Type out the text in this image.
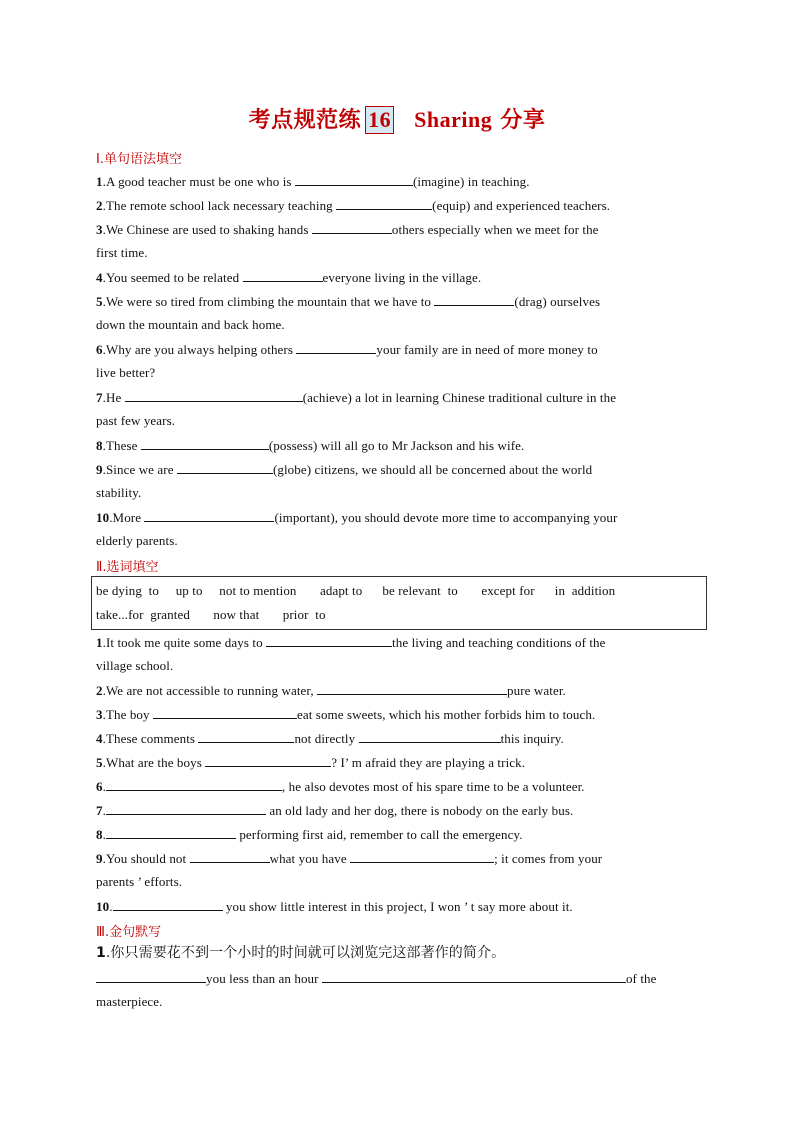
考点规范练 16 Sharing 分享
Ⅰ.单句语法填空
1.A good teacher must be one who is	(imagine) in teaching.
2.The remote school lack necessary teaching	(equip) and experienced teachers.
3.We Chinese are used to shaking hands	others especially when we meet for the
first time.
4.You seemed to be related	everyone living in the village.
5.We were so tired from climbing the mountain that we have to	(drag) ourselves
down the mountain and back home.
6.Why are you always helping others	your family are in need of more money to
live better?
7.He	(achieve) a lot in learning Chinese traditional culture in the
past few years.
8.These	(possess) will all go to Mr Jackson and his wife.
9.Since we are	(globe) citizens, we should all be concerned about the world
stability.
10.More	(important), you should devote more time to accompanying your
elderly parents.
Ⅱ.选词填空
be dying  to     up to     not to mention       adapt to      be relevant  to       except for      in  addition
take...for  granted       now that       prior  to
1.It took me quite some days to	the living and teaching conditions of the
village school.
2.We are not accessible to running water,	pure water.
3.The boy	eat some sweets, which his mother forbids him to touch.
4.These comments	not directly	this inquiry.
5.What are the boys	? I’ m afraid they are playing a trick.
6.	, he also devotes most of his spare time to be a volunteer.
7.	an old lady and her dog, there is nobody on the early bus.
8.	performing first aid, remember to call the emergency.
9.You should not	what you have	; it comes from your
parents ’ efforts.
10.	you show little interest in this project, I won ’ t say more about it.
Ⅲ.金句默写
1.你只需要花不到一个小时的时间就可以浏览完这部著作的简介。
you less than an hour	of the
masterpiece.
